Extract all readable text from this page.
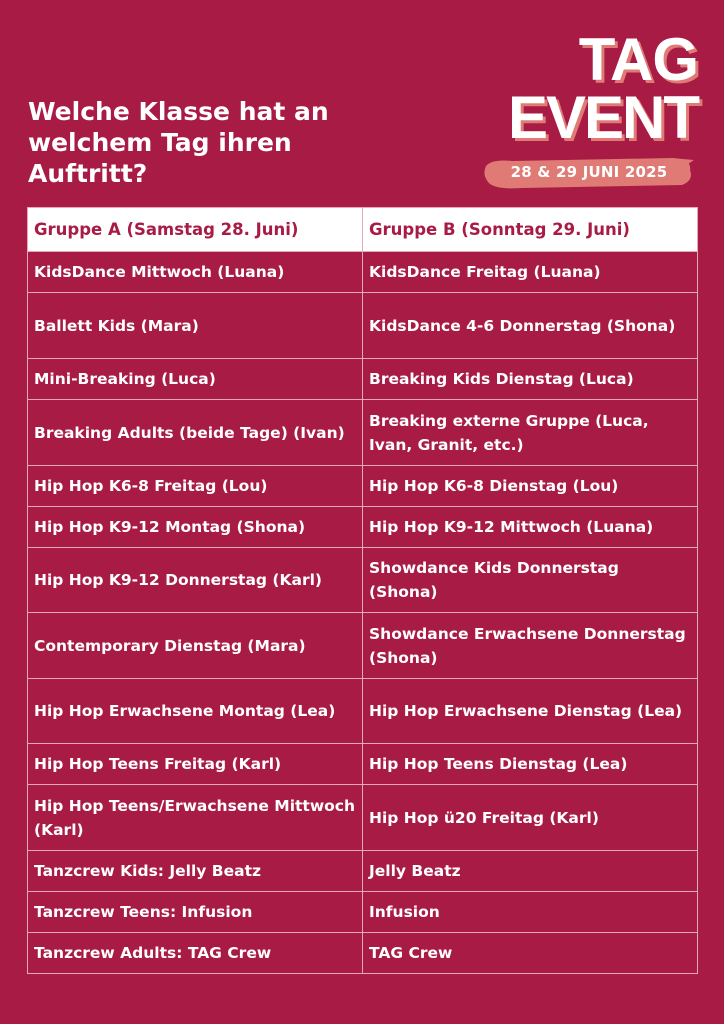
Welche Klasse hat an welchem Tag ihren Auftritt?
TAG
EVENT
28 & 29 JUNI 2025
Gruppe A (Samstag 28. Juni)	Gruppe B (Sonntag 29. Juni)
KidsDance Mittwoch (Luana)	KidsDance Freitag (Luana)
Ballett Kids (Mara)	KidsDance 4-6 Donnerstag (Shona)
Mini-Breaking (Luca)	Breaking Kids Dienstag (Luca)
Breaking Adults (beide Tage) (Ivan)	Breaking externe Gruppe (Luca, Ivan, Granit, etc.)
Hip Hop K6-8 Freitag (Lou)	Hip Hop K6-8 Dienstag (Lou)
Hip Hop K9-12 Montag (Shona)	Hip Hop K9-12 Mittwoch (Luana)
Hip Hop K9-12 Donnerstag (Karl)	Showdance Kids Donnerstag (Shona)
Contemporary Dienstag (Mara)	Showdance Erwachsene Donnerstag (Shona)
Hip Hop Erwachsene Montag (Lea)	Hip Hop Erwachsene Dienstag (Lea)
Hip Hop Teens Freitag (Karl)	Hip Hop Teens Dienstag (Lea)
Hip Hop Teens/Erwachsene Mittwoch (Karl)	Hip Hop ü20 Freitag (Karl)
Tanzcrew Kids: Jelly Beatz	Jelly Beatz
Tanzcrew Teens: Infusion	Infusion
Tanzcrew Adults: TAG Crew	TAG Crew
